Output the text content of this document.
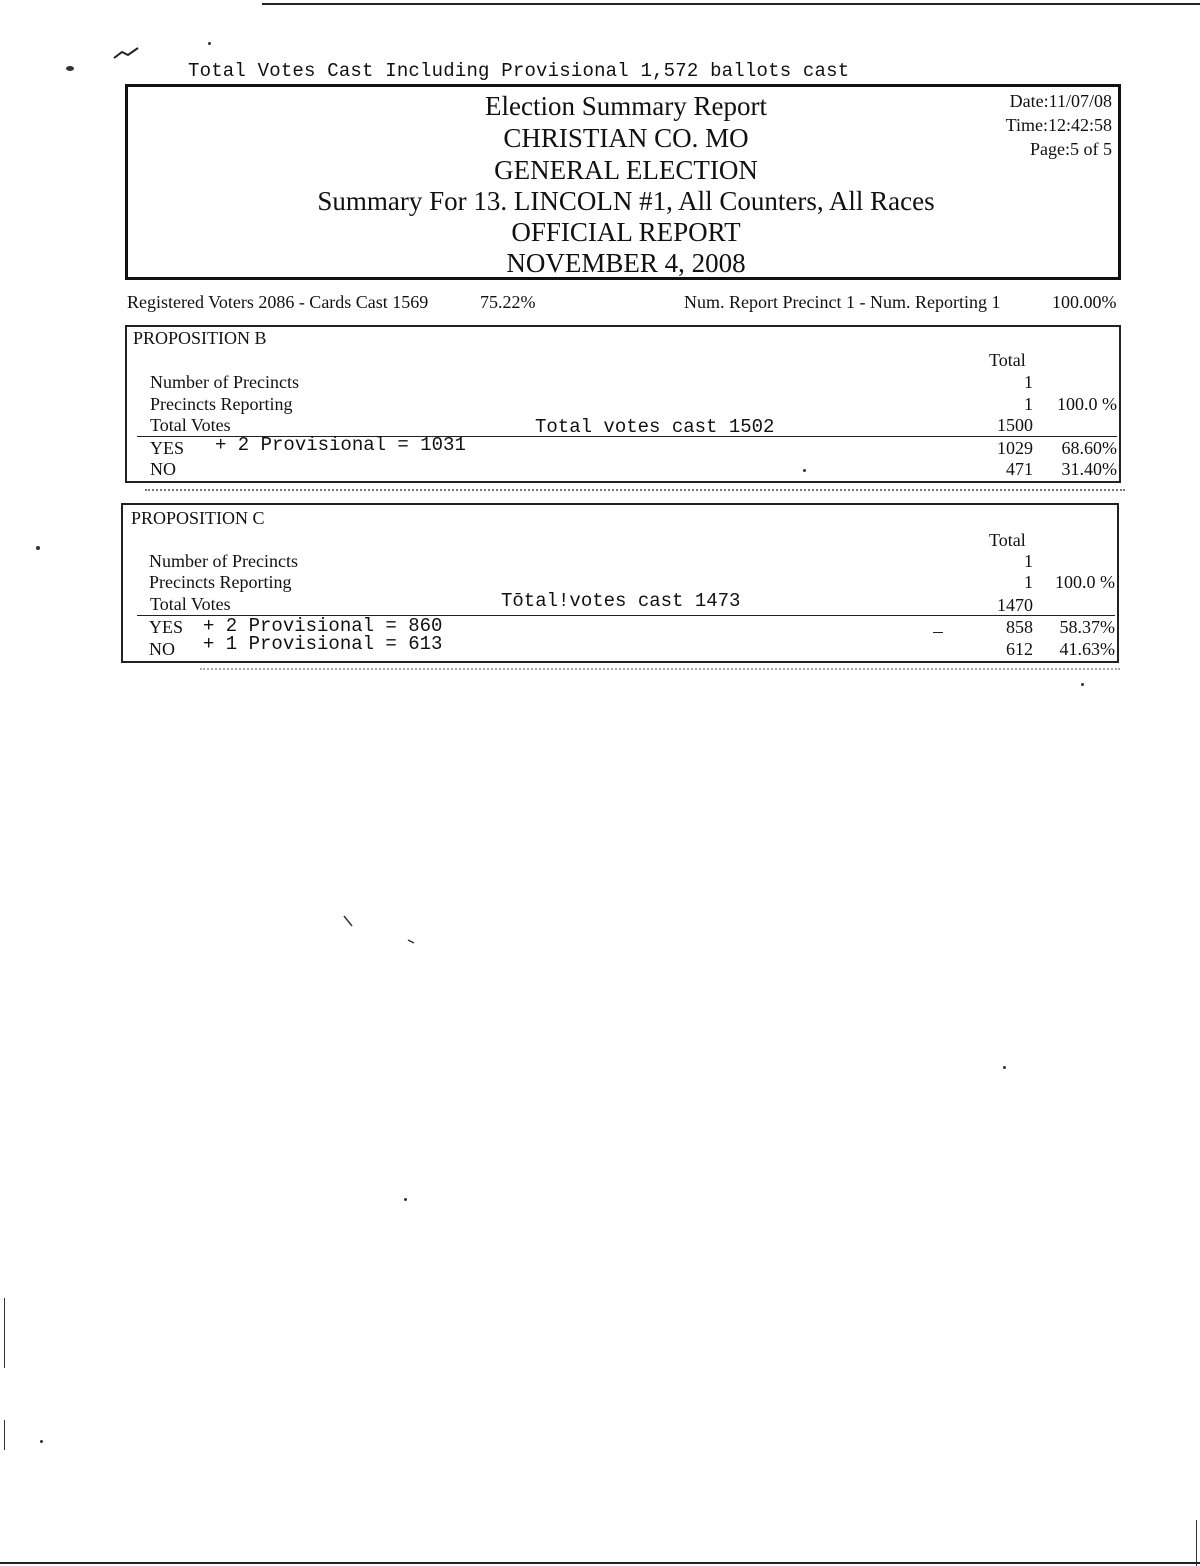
Total Votes Cast Including Provisional 1,572 ballots cast
Election Summary Report
CHRISTIAN CO. MO
GENERAL ELECTION
Summary For 13. LINCOLN #1, All Counters, All Races
OFFICIAL REPORT
NOVEMBER 4, 2008
Date:11/07/08
Time:12:42:58
Page:5 of 5
Registered Voters 2086 - Cards Cast 1569	75.22%	Num. Report Precinct 1 - Num. Reporting 1	100.00%
PROPOSITION B
Total
Number of Precincts	1
Precincts Reporting	1	100.0 %
Total Votes	Total votes cast 1502	1500
YES + 2 Provisional = 1031	1029	68.60%
NO	471	31.40%
PROPOSITION C
Total
Number of Precincts	1
Precincts Reporting	1	100.0 %
Total Votes	Tōtal!votes cast 1473	1470
YES + 2 Provisional = 860	858	58.37%
NO + 1 Provisional = 613	612	41.63%
